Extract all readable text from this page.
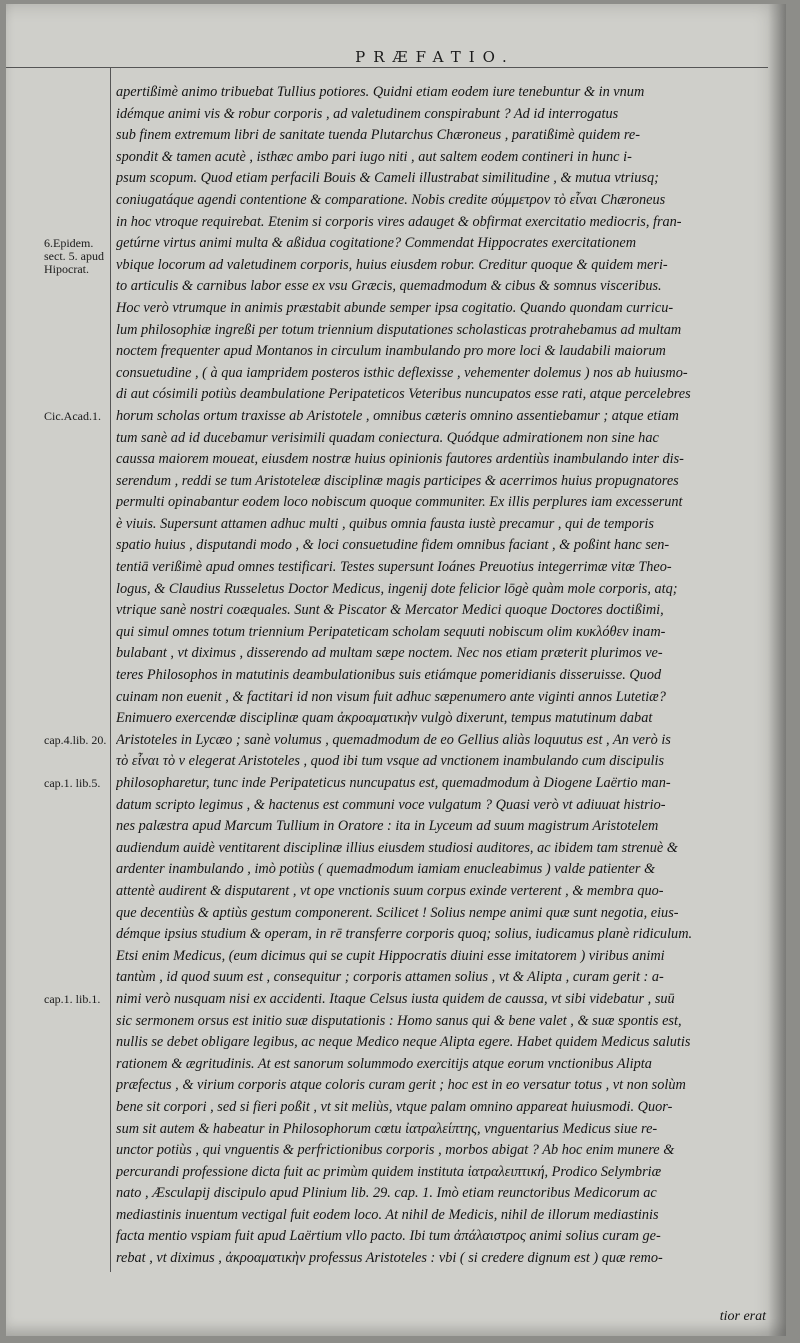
PRÆFATIO.
apertißimè animo tribuebat Tullius potiores. Quidni etiam eodem iure tenebuntur & in vnum
idémque animi vis & robur corporis , ad valetudinem conspirabunt ? Ad id interrogatus
sub finem extremum libri de sanitate tuenda Plutarchus Chæroneus , paratißimè quidem re-
spondit & tamen acutè , isthæc ambo pari iugo niti , aut saltem eodem contineri in hunc i-
psum scopum. Quod etiam perfacili Bouis & Cameli illustrabat similitudine , & mutua vtriusq;
coniugatáque agendi contentione & comparatione. Nobis credite σύμμετρον τὸ εἶναι Chæroneus
in hoc vtroque requirebat. Etenim si corporis vires adauget & obfirmat exercitatio mediocris, fran-
getúrne virtus animi multa & aßidua cogitatione? Commendat Hippocrates exercitationem
vbique locorum ad valetudinem corporis, huius eiusdem robur. Creditur quoque & quidem meri-
to articulis & carnibus labor esse ex vsu Græcis, quemadmodum & cibus & somnus visceribus.
Hoc verò vtrumque in animis præstabit abunde semper ipsa cogitatio. Quando quondam curricu-
lum philosophiæ ingreßi per totum triennium disputationes scholasticas protrahebamus ad multam
noctem frequenter apud Montanos in circulum inambulando pro more loci & laudabili maiorum
consuetudine , ( à qua iampridem posteros isthic deflexisse , vehementer dolemus ) nos ab huiusmo-
di aut cósimili potiùs deambulatione Peripateticos Veteribus nuncupatos esse rati, atque percelebres
horum scholas ortum traxisse ab Aristotele , omnibus cæteris omnino assentiebamur ; atque etiam
tum sanè ad id ducebamur verisimili quadam coniectura. Quódque admirationem non sine hac
caussa maiorem moueat, eiusdem nostræ huius opinionis fautores ardentiùs inambulando inter dis-
serendum , reddi se tum Aristoteleæ disciplinæ magis participes & acerrimos huius propugnatores
permulti opinabantur eodem loco nobiscum quoque communiter. Ex illis perplures iam excesserunt
è viuis. Supersunt attamen adhuc multi , quibus omnia fausta iustè precamur , qui de temporis
spatio huius , disputandi modo , & loci consuetudine fidem omnibus faciant , & poßint hanc sen-
tentiā verißimè apud omnes testificari. Testes supersunt Ioánes Preuotius integerrimæ vitæ Theo-
logus, & Claudius Russeletus Doctor Medicus, ingenij dote felicior lōgè quàm mole corporis, atq;
vtrique sanè nostri coæquales. Sunt & Piscator & Mercator Medici quoque Doctores doctißimi,
qui simul omnes totum triennium Peripateticam scholam sequuti nobiscum olim κυκλόθεν inam-
bulabant , vt diximus , disserendo ad multam sæpe noctem. Nec nos etiam præterit plurimos ve-
teres Philosophos in matutinis deambulationibus suis etiámque pomeridianis disseruisse. Quod
cuinam non euenit , & factitari id non visum fuit adhuc sæpenumero ante viginti annos Lutetiæ?
Enimuero exercendæ disciplinæ quam ἀκροαματικὴν vulgò dixerunt, tempus matutinum dabat
Aristoteles in Lycæo ; sanè volumus , quemadmodum de eo Gellius aliàs loquutus est , An verò is
τὸ εἶναι τὸ ν elegerat Aristoteles , quod ibi tum vsque ad vnctionem inambulando cum discipulis
philosopharetur, tunc inde Peripateticus nuncupatus est, quemadmodum à Diogene Laërtio man-
datum scripto legimus , & hactenus est communi voce vulgatum ? Quasi verò vt adiuuat histrio-
nes palæstra apud Marcum Tullium in Oratore : ita in Lyceum ad suum magistrum Aristotelem
audiendum auidè ventitarent disciplinæ illius eiusdem studiosi auditores, ac ibidem tam strenuè &
ardenter inambulando , imò potiùs ( quemadmodum iamiam enucleabimus ) valde patienter &
attentè audirent & disputarent , vt ope vnctionis suum corpus exinde verterent , & membra quo-
que decentiùs & aptiùs gestum componerent. Scilicet ! Solius nempe animi quæ sunt negotia, eius-
démque ipsius studium & operam, in rē transferre corporis quoq; solius, iudicamus planè ridiculum.
Etsi enim Medicus, (eum dicimus qui se cupit Hippocratis diuini esse imitatorem ) viribus animi
tantùm , id quod suum est , consequitur ; corporis attamen solius , vt & Alipta , curam gerit : a-
nimi verò nusquam nisi ex accidenti. Itaque Celsus iusta quidem de caussa, vt sibi videbatur , suū
sic sermonem orsus est initio suæ disputationis : Homo sanus qui & bene valet , & suæ spontis est,
nullis se debet obligare legibus, ac neque Medico neque Alipta egere. Habet quidem Medicus salutis
rationem & ægritudinis. At est sanorum solummodo exercitijs atque eorum vnctionibus Alipta
præfectus , & virium corporis atque coloris curam gerit ; hoc est in eo versatur totus , vt non solùm
bene sit corpori , sed si fieri poßit , vt sit meliùs, vtque palam omnino appareat huiusmodi. Quor-
sum sit autem & habeatur in Philosophorum cœtu ἰατραλείπτης, vnguentarius Medicus siue re-
unctor potiùs , qui vnguentis & perfrictionibus corporis , morbos abigat ? Ab hoc enim munere &
percurandi professione dicta fuit ac primùm quidem instituta ἰατραλειπτική, Prodico Selymbriæ
nato , Æsculapij discipulo apud Plinium lib. 29. cap. 1. Imò etiam reunctoribus Medicorum ac
mediastinis inuentum vectigal fuit eodem loco. At nihil de Medicis, nihil de illorum mediastinis
facta mentio vspiam fuit apud Laërtium vllo pacto. Ibi tum ἀπάλαιστρος animi solius curam ge-
rebat , vt diximus , ἀκροαματικὴν professus Aristoteles : vbi ( si credere dignum est ) quæ remo-
6.Epidem. sect. 5. apud Hipocrat.
Cic.Acad.1.
cap.4.lib. 20.
cap.1. lib.5.
cap.1. lib.1.
tior erat
